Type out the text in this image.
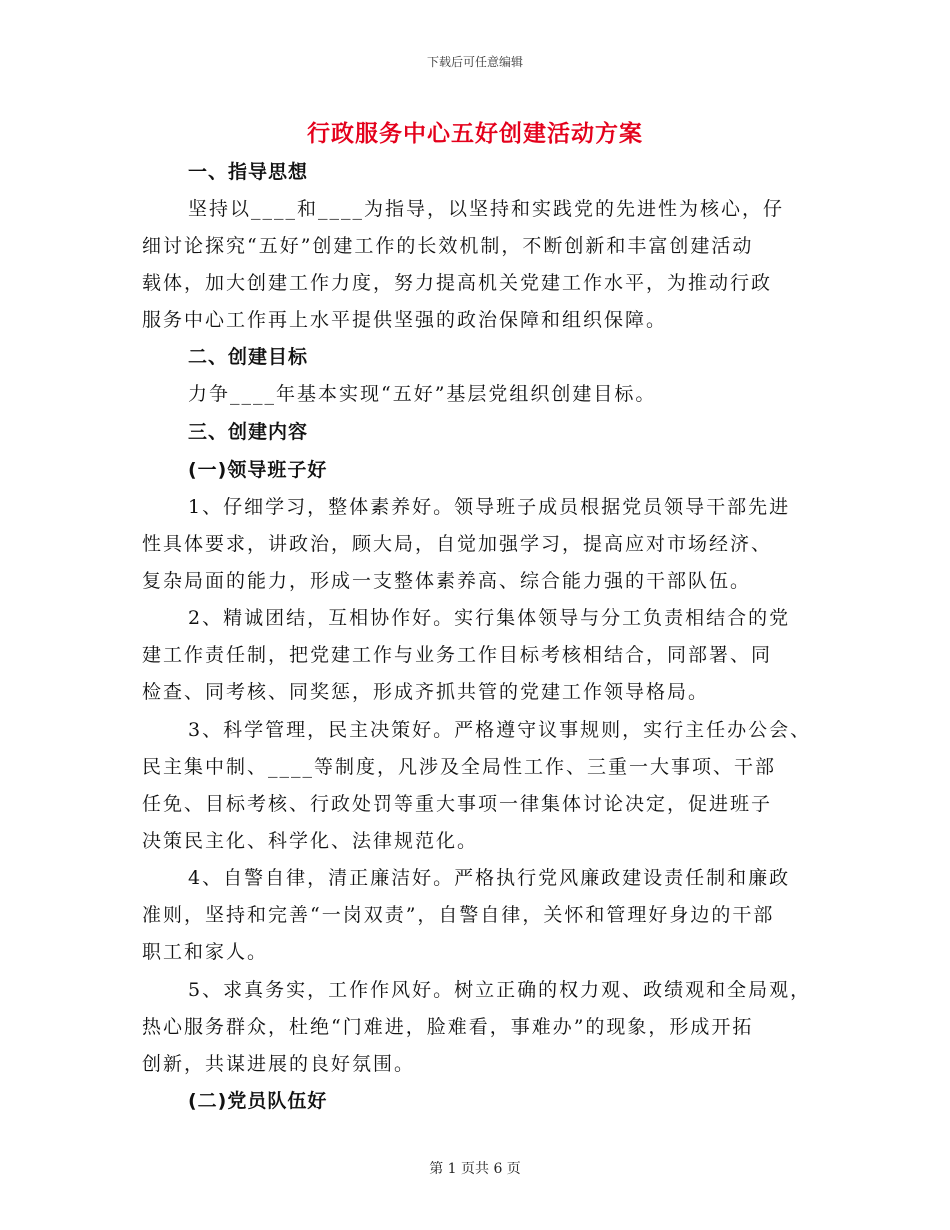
下载后可任意编辑
行政服务中心五好创建活动方案
一、指导思想
坚持以____和____为指导，以坚持和实践党的先进性为核心，仔
细讨论探究“五好”创建工作的长效机制，不断创新和丰富创建活动
载体，加大创建工作力度，努力提高机关党建工作水平，为推动行政
服务中心工作再上水平提供坚强的政治保障和组织保障。
二、创建目标
力争____年基本实现“五好”基层党组织创建目标。
三、创建内容
(一)领导班子好
1、仔细学习，整体素养好。领导班子成员根据党员领导干部先进
性具体要求，讲政治，顾大局，自觉加强学习，提高应对市场经济、
复杂局面的能力，形成一支整体素养高、综合能力强的干部队伍。
2、精诚团结，互相协作好。实行集体领导与分工负责相结合的党
建工作责任制，把党建工作与业务工作目标考核相结合，同部署、同
检查、同考核、同奖惩，形成齐抓共管的党建工作领导格局。
3、科学管理，民主决策好。严格遵守议事规则，实行主任办公会、
民主集中制、____等制度，凡涉及全局性工作、三重一大事项、干部
任免、目标考核、行政处罚等重大事项一律集体讨论决定，促进班子
决策民主化、科学化、法律规范化。
4、自警自律，清正廉洁好。严格执行党风廉政建设责任制和廉政
准则，坚持和完善“一岗双责”，自警自律，关怀和管理好身边的干部
职工和家人。
5、求真务实，工作作风好。树立正确的权力观、政绩观和全局观，
热心服务群众，杜绝“门难进，脸难看，事难办”的现象，形成开拓
创新，共谋进展的良好氛围。
(二)党员队伍好
第 1 页共 6 页
